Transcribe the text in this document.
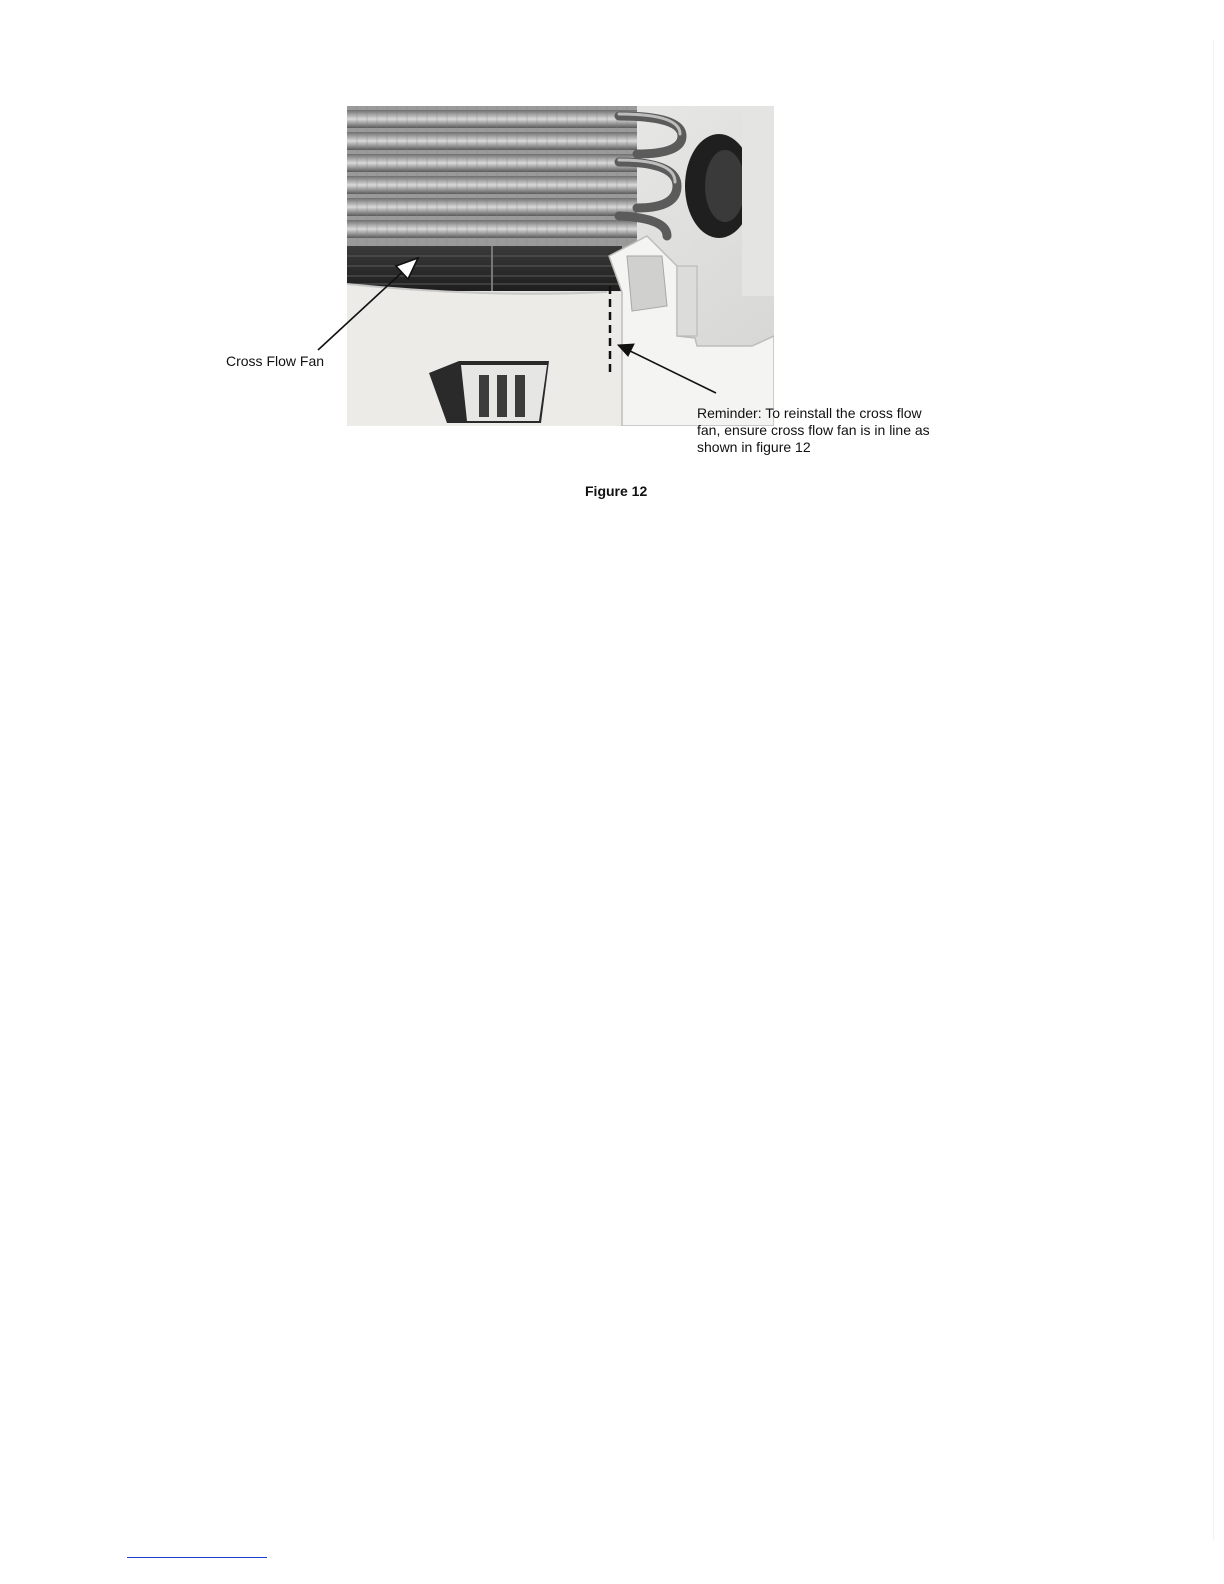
Cross Flow Fan
Reminder: To reinstall the cross flow
fan, ensure cross flow fan is in line as
shown in figure 12
Figure 12
